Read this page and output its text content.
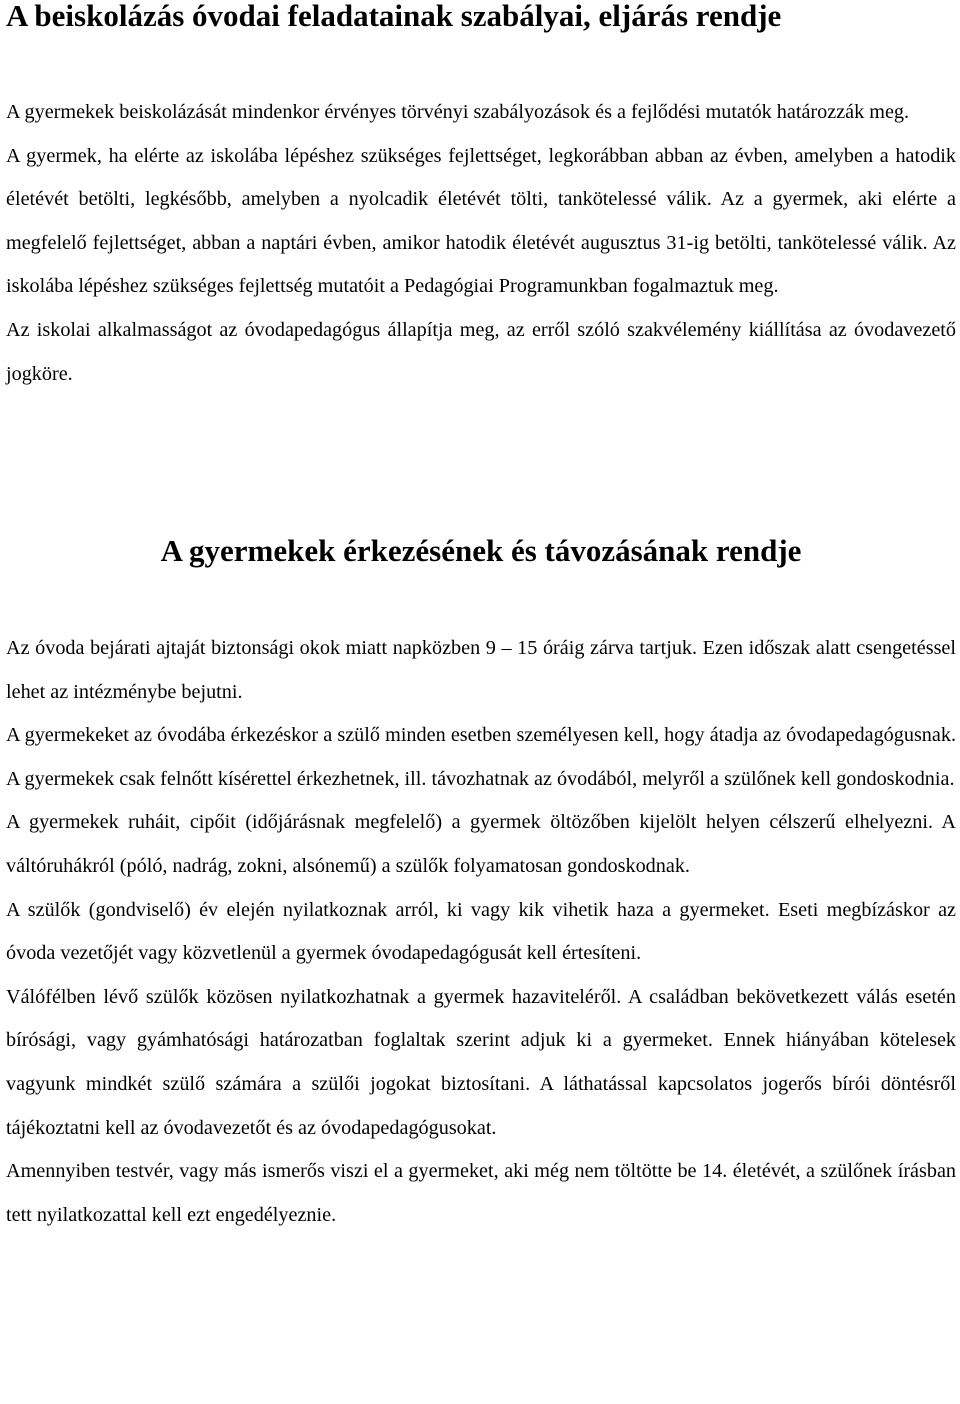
A beiskolázás óvodai feladatainak szabályai, eljárás rendje

A gyermekek beiskolázását mindenkor érvényes törvényi szabályozások és a fejlődési mutatók határozzák meg.

A gyermek, ha elérte az iskolába lépéshez szükséges fejlettséget, legkorábban abban az évben, amelyben a hatodik életévét betölti, legkésőbb, amelyben a nyolcadik életévét tölti, tankötelessé válik. Az a gyermek, aki elérte a megfelelő fejlettséget, abban a naptári évben, amikor hatodik életévét augusztus 31-ig betölti, tankötelessé válik. Az iskolába lépéshez szükséges fejlettség mutatóit a Pedagógiai Programunkban fogalmaztuk meg.

Az iskolai alkalmasságot az óvodapedagógus állapítja meg, az erről szóló szakvélemény kiállítása az óvodavezető jogköre.

A gyermekek érkezésének és távozásának rendje

Az óvoda bejárati ajtaját biztonsági okok miatt napközben 9 – 15 óráig zárva tartjuk. Ezen időszak alatt csengetéssel lehet az intézménybe bejutni.

A gyermekeket az óvodába érkezéskor a szülő minden esetben személyesen kell, hogy átadja az óvodapedagógusnak. A gyermekek csak felnőtt kísérettel érkezhetnek, ill. távozhatnak az óvodából, melyről a szülőnek kell gondoskodnia.

A gyermekek ruháit, cipőit (időjárásnak megfelelő) a gyermek öltözőben kijelölt helyen célszerű elhelyezni. A váltóruhákról (póló, nadrág, zokni, alsónemű) a szülők folyamatosan gondoskodnak.

A szülők (gondviselő) év elején nyilatkoznak arról, ki vagy kik vihetik haza a gyermeket. Eseti megbízáskor az óvoda vezetőjét vagy közvetlenül a gyermek óvodapedagógusát kell értesíteni.

Válófélben lévő szülők közösen nyilatkozhatnak a gyermek hazaviteléről. A családban bekövetkezett válás esetén bírósági, vagy gyámhatósági határozatban foglaltak szerint adjuk ki a gyermeket. Ennek hiányában kötelesek vagyunk mindkét szülő számára a szülői jogokat biztosítani. A láthatással kapcsolatos jogerős bírói döntésről tájékoztatni kell az óvodavezetőt és az óvodapedagógusokat.

Amennyiben testvér, vagy más ismerős viszi el a gyermeket, aki még nem töltötte be 14. életévét, a szülőnek írásban tett nyilatkozattal kell ezt engedélyeznie.
